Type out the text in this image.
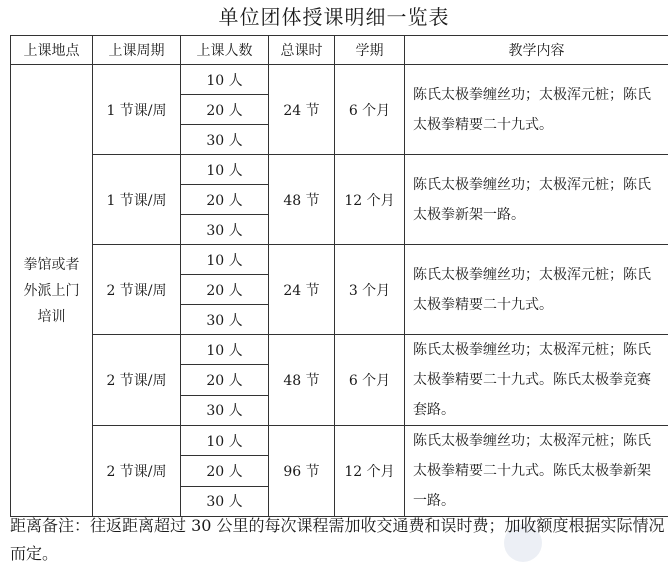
单位团体授课明细一览表
上课地点	上课周期	上课人数	总课时	学期	教学内容
拳馆或者外派上门培训	1 节课/周	10 人	24 节	6 个月	陈氏太极拳缠丝功；太极浑元桩；陈氏太极拳精要二十九式。
		20 人			
		30 人			
	1 节课/周	10 人	48 节	12 个月	陈氏太极拳缠丝功；太极浑元桩；陈氏太极拳新架一路。
		20 人			
		30 人			
	2 节课/周	10 人	24 节	3 个月	陈氏太极拳缠丝功；太极浑元桩；陈氏太极拳精要二十九式。
		20 人			
		30 人			
	2 节课/周	10 人	48 节	6 个月	陈氏太极拳缠丝功；太极浑元桩；陈氏太极拳精要二十九式。陈氏太极拳竞赛套路。
		20 人			
		30 人			
	2 节课/周	10 人	96 节	12 个月	陈氏太极拳缠丝功；太极浑元桩；陈氏太极拳精要二十九式。陈氏太极拳新架一路。
		20 人			
		30 人			
距离备注：往返距离超过 30 公里的每次课程需加收交通费和误时费；加收额度根据实际情况而定。
